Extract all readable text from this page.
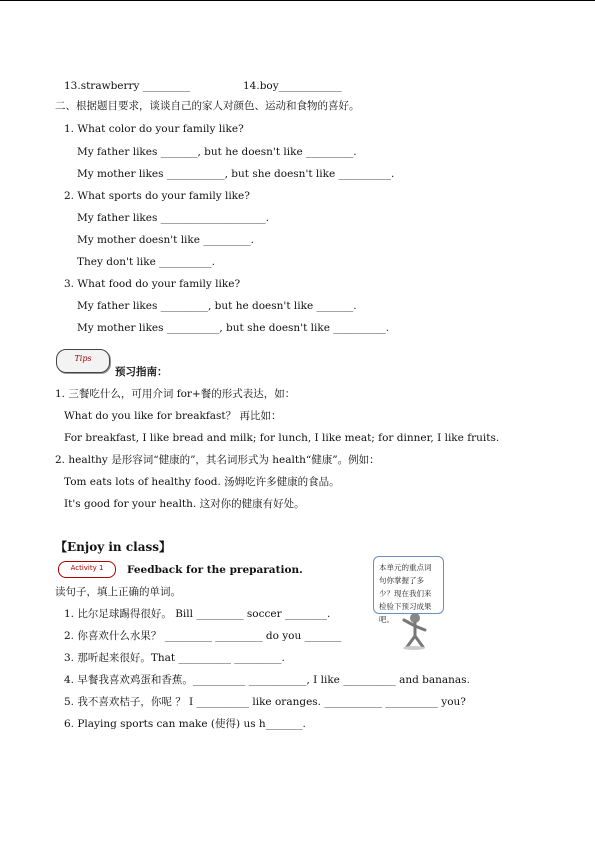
13.strawberry _________	14.boy____________
二、根据题目要求，谈谈自己的家人对颜色、运动和食物的喜好。
1. What color do your family like?
My father likes _______, but he doesn't like _________.
My mother likes ___________, but she doesn't like __________.
2. What sports do your family like?
My father likes ____________________.
My mother doesn't like _________.
They don't like __________.
3. What food do your family like?
My father likes _________, but he doesn't like _______.
My mother likes __________, but she doesn't like __________.
Tips
预习指南：
1. 三餐吃什么，可用介词 for+餐的形式表达，如：
What do you like for breakfast？ 再比如：
For breakfast, I like bread and milk; for lunch, I like meat; for dinner, I like fruits.
2. healthy 是形容词“健康的”，其名词形式为 health“健康”。例如：
Tom eats lots of healthy food. 汤姆吃许多健康的食品。
It's good for your health. 这对你的健康有好处。
【Enjoy in class】
Activity 1	Feedback for the preparation.	本单元的重点词句你掌握了多少？现在我们来检验下预习成果吧。
读句子，填上正确的单词。
1. 比尔足球踢得很好。 Bill _________ soccer ________.
2. 你喜欢什么水果？ _________ _________ do you _______
3. 那听起来很好。That __________ _________.
4. 早餐我喜欢鸡蛋和香蕉。__________ ___________, I like __________ and bananas.
5. 我不喜欢桔子，你呢 ？ I __________ like oranges. ___________ __________ you?
6. Playing sports can make (使得) us h_______.
